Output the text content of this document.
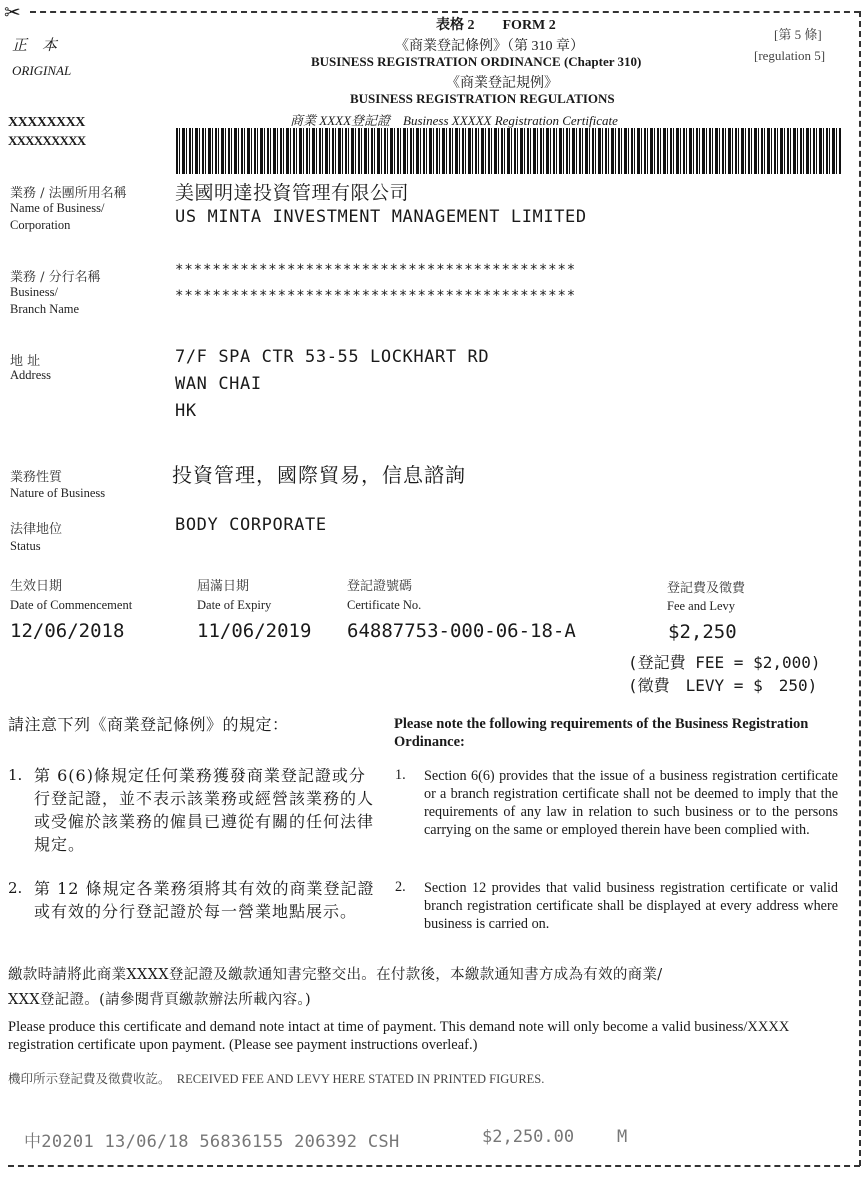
✂
正　本
ORIGINAL
表格 2　　FORM 2
《商業登記條例》（第 310 章）
BUSINESS REGISTRATION ORDINANCE (Chapter 310)
《商業登記規例》
BUSINESS REGISTRATION REGULATIONS
商業 XXXX登記證　Business XXXXX Registration Certificate
[第 5 條]
[regulation 5]
XXXXXXXX
XXXXXXXXX
業務 / 法團所用名稱
Name of Business/
Corporation
美國明達投資管理有限公司
US MINTA INVESTMENT MANAGEMENT LIMITED
業務 / 分行名稱
Business/
Branch Name
*******************************************
*******************************************
地 址
Address
7/F SPA CTR 53-55 LOCKHART RD
WAN CHAI
HK
業務性質
Nature of Business
投資管理，國際貿易，信息諮詢
法律地位
Status
BODY CORPORATE
生效日期
Date of Commencement
12/06/2018
屆滿日期
Date of Expiry
11/06/2019
登記證號碼
Certificate No.
64887753-000-06-18-A
登記費及徵費
Fee and Levy
$2,250
(登記費 FEE = $2,000)
(徵費　LEVY = $　250)
請注意下列《商業登記條例》的規定：	Please note the following requirements of the Business Registration Ordinance:
1. 第 6(6)條規定任何業務獲發商業登記證或分行登記證，並不表示該業務或經營該業務的人或受僱於該業務的僱員已遵從有關的任何法律規定。
2. 第 12 條規定各業務須將其有效的商業登記證或有效的分行登記證於每一營業地點展示。
1. Section 6(6) provides that the issue of a business registration certificate or a branch registration certificate shall not be deemed to imply that the requirements of any law in relation to such business or to the persons carrying on the same or employed therein have been complied with.
2. Section 12 provides that valid business registration certificate or valid branch registration certificate shall be displayed at every address where business is carried on.
繳款時請將此商業XXXX登記證及繳款通知書完整交出。在付款後，本繳款通知書方成為有效的商業/
XXX登記證。(請參閱背頁繳款辦法所載內容。)
Please produce this certificate and demand note intact at time of payment. This demand note will only become a valid business/XXXX registration certificate upon payment. (Please see payment instructions overleaf.)
機印所示登記費及徵費收訖。　RECEIVED FEE AND LEVY HERE STATED IN PRINTED FIGURES.
中20201 13/06/18 56836155 206392 CSH	$2,250.00	M
